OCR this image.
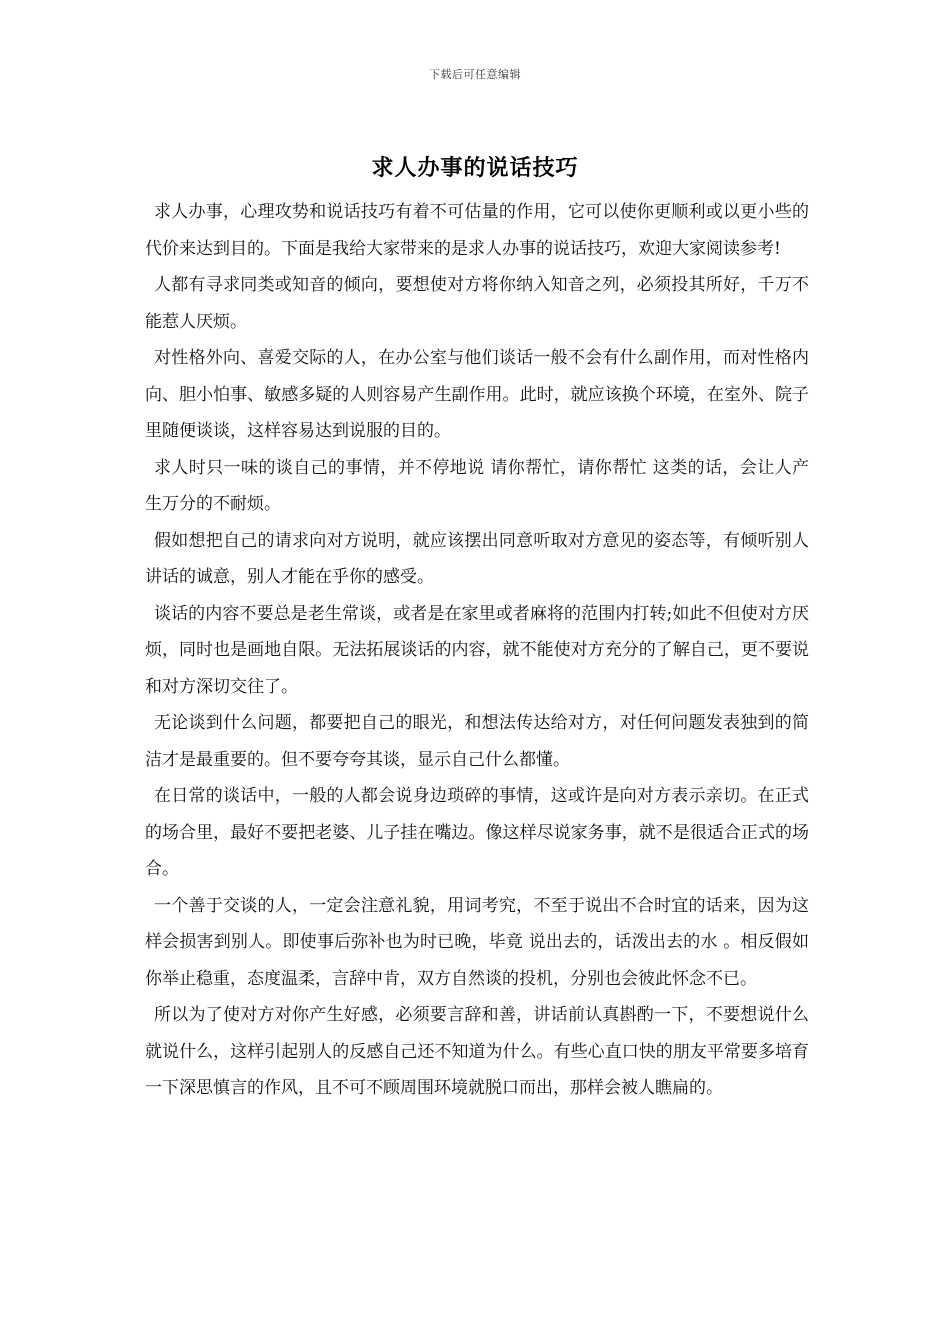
下载后可任意编辑
求人办事的说话技巧

求人办事，心理攻势和说话技巧有着不可估量的作用，它可以使你更顺利或以更小些的代价来达到目的。下面是我给大家带来的是求人办事的说话技巧，欢迎大家阅读参考!

人都有寻求同类或知音的倾向，要想使对方将你纳入知音之列，必须投其所好，千万不能惹人厌烦。

对性格外向、喜爱交际的人，在办公室与他们谈话一般不会有什么副作用，而对性格内向、胆小怕事、敏感多疑的人则容易产生副作用。此时，就应该换个环境，在室外、院子里随便谈谈，这样容易达到说服的目的。

求人时只一味的谈自己的事情，并不停地说 请你帮忙，请你帮忙 这类的话，会让人产生万分的不耐烦。

假如想把自己的请求向对方说明，就应该摆出同意听取对方意见的姿态等，有倾听别人讲话的诚意，别人才能在乎你的感受。

谈话的内容不要总是老生常谈，或者是在家里或者麻将的范围内打转;如此不但使对方厌烦，同时也是画地自限。无法拓展谈话的内容，就不能使对方充分的了解自己，更不要说和对方深切交往了。

无论谈到什么问题，都要把自己的眼光，和想法传达给对方，对任何问题发表独到的简洁才是最重要的。但不要夸夸其谈，显示自己什么都懂。

在日常的谈话中，一般的人都会说身边琐碎的事情，这或许是向对方表示亲切。在正式的场合里，最好不要把老婆、儿子挂在嘴边。像这样尽说家务事，就不是很适合正式的场合。

一个善于交谈的人，一定会注意礼貌，用词考究，不至于说出不合时宜的话来，因为这样会损害到别人。即使事后弥补也为时已晚，毕竟 说出去的，话泼出去的水 。相反假如你举止稳重，态度温柔，言辞中肯，双方自然谈的投机，分别也会彼此怀念不已。

所以为了使对方对你产生好感，必须要言辞和善，讲话前认真斟酌一下，不要想说什么就说什么，这样引起别人的反感自己还不知道为什么。有些心直口快的朋友平常要多培育一下深思慎言的作风，且不可不顾周围环境就脱口而出，那样会被人瞧扁的。
